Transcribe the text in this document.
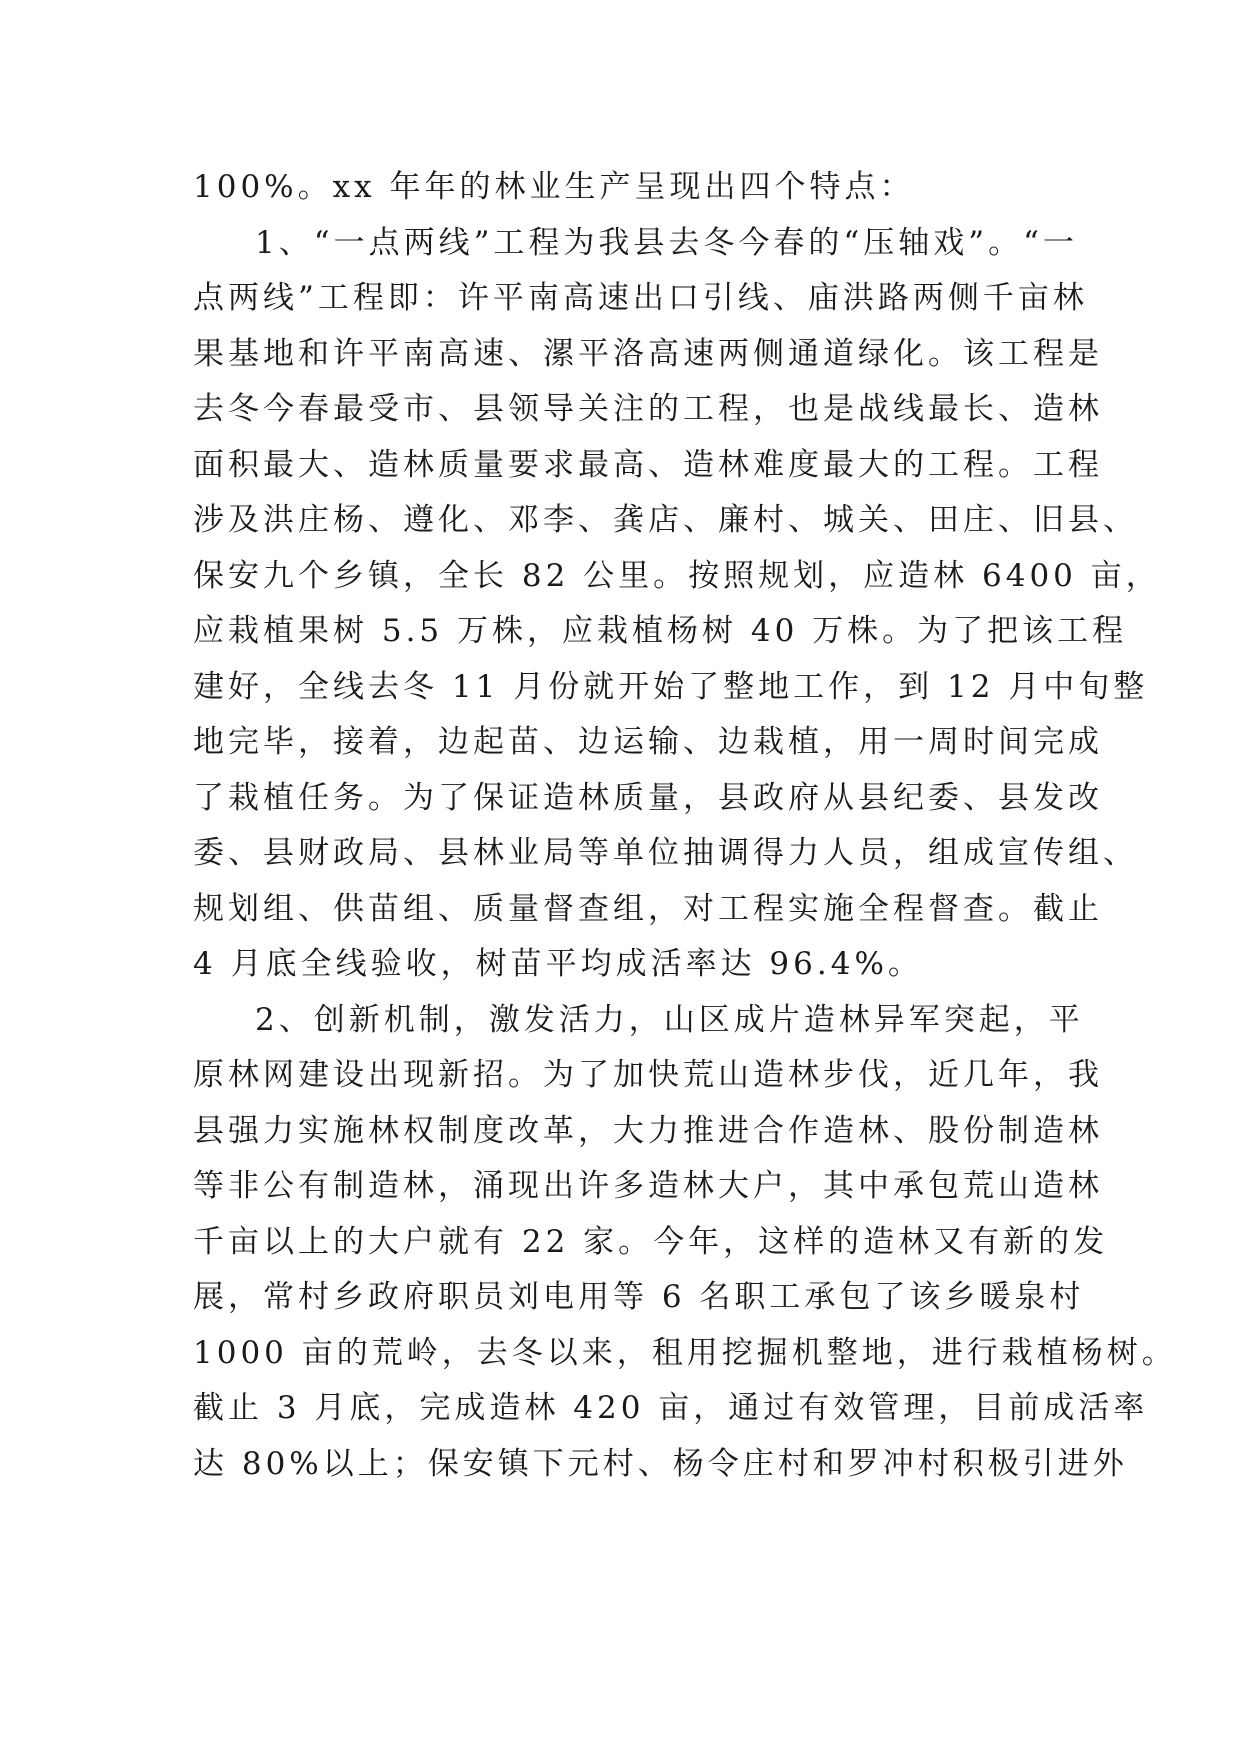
100%。xx 年年的林业生产呈现出四个特点：
1、“一点两线”工程为我县去冬今春的“压轴戏”。“一
点两线”工程即：许平南高速出口引线、庙洪路两侧千亩林
果基地和许平南高速、漯平洛高速两侧通道绿化。该工程是
去冬今春最受市、县领导关注的工程，也是战线最长、造林
面积最大、造林质量要求最高、造林难度最大的工程。工程
涉及洪庄杨、遵化、邓李、龚店、廉村、城关、田庄、旧县、
保安九个乡镇，全长 82 公里。按照规划，应造林 6400 亩，
应栽植果树 5.5 万株，应栽植杨树 40 万株。为了把该工程
建好，全线去冬 11 月份就开始了整地工作，到 12 月中旬整
地完毕，接着，边起苗、边运输、边栽植，用一周时间完成
了栽植任务。为了保证造林质量，县政府从县纪委、县发改
委、县财政局、县林业局等单位抽调得力人员，组成宣传组、
规划组、供苗组、质量督查组，对工程实施全程督查。截止
4 月底全线验收，树苗平均成活率达 96.4%。
2、创新机制，激发活力，山区成片造林异军突起，平
原林网建设出现新招。为了加快荒山造林步伐，近几年，我
县强力实施林权制度改革，大力推进合作造林、股份制造林
等非公有制造林，涌现出许多造林大户，其中承包荒山造林
千亩以上的大户就有 22 家。今年，这样的造林又有新的发
展，常村乡政府职员刘电用等 6 名职工承包了该乡暖泉村
1000 亩的荒岭，去冬以来，租用挖掘机整地，进行栽植杨树。
截止 3 月底，完成造林 420 亩，通过有效管理，目前成活率
达 80%以上；保安镇下元村、杨令庄村和罗冲村积极引进外
